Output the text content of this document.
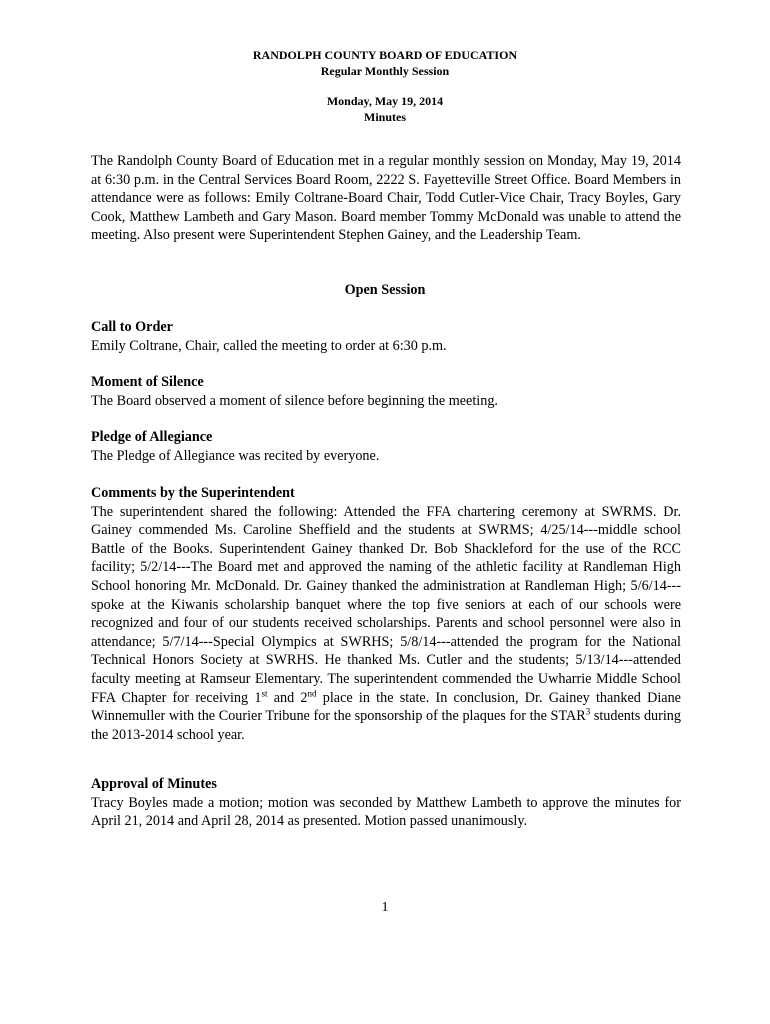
RANDOLPH COUNTY BOARD OF EDUCATION
Regular Monthly Session
Monday, May 19, 2014
Minutes
The Randolph County Board of Education met in a regular monthly session on Monday, May 19, 2014 at 6:30 p.m. in the Central Services Board Room, 2222 S. Fayetteville Street Office. Board Members in attendance were as follows: Emily Coltrane-Board Chair, Todd Cutler-Vice Chair, Tracy Boyles, Gary Cook, Matthew Lambeth and Gary Mason. Board member Tommy McDonald was unable to attend the meeting. Also present were Superintendent Stephen Gainey, and the Leadership Team.
Open Session
Call to Order
Emily Coltrane, Chair, called the meeting to order at 6:30 p.m.
Moment of Silence
The Board observed a moment of silence before beginning the meeting.
Pledge of Allegiance
The Pledge of Allegiance was recited by everyone.
Comments by the Superintendent
The superintendent shared the following: Attended the FFA chartering ceremony at SWRMS. Dr. Gainey commended Ms. Caroline Sheffield and the students at SWRMS; 4/25/14---middle school Battle of the Books. Superintendent Gainey thanked Dr. Bob Shackleford for the use of the RCC facility; 5/2/14---The Board met and approved the naming of the athletic facility at Randleman High School honoring Mr. McDonald. Dr. Gainey thanked the administration at Randleman High; 5/6/14---spoke at the Kiwanis scholarship banquet where the top five seniors at each of our schools were recognized and four of our students received scholarships. Parents and school personnel were also in attendance; 5/7/14---Special Olympics at SWRHS; 5/8/14---attended the program for the National Technical Honors Society at SWRHS. He thanked Ms. Cutler and the students; 5/13/14---attended faculty meeting at Ramseur Elementary. The superintendent commended the Uwharrie Middle School FFA Chapter for receiving 1st and 2nd place in the state. In conclusion, Dr. Gainey thanked Diane Winnemuller with the Courier Tribune for the sponsorship of the plaques for the STAR$^3$ students during the 2013-2014 school year.
Approval of Minutes
Tracy Boyles made a motion; motion was seconded by Matthew Lambeth to approve the minutes for April 21, 2014 and April 28, 2014 as presented. Motion passed unanimously.
1
